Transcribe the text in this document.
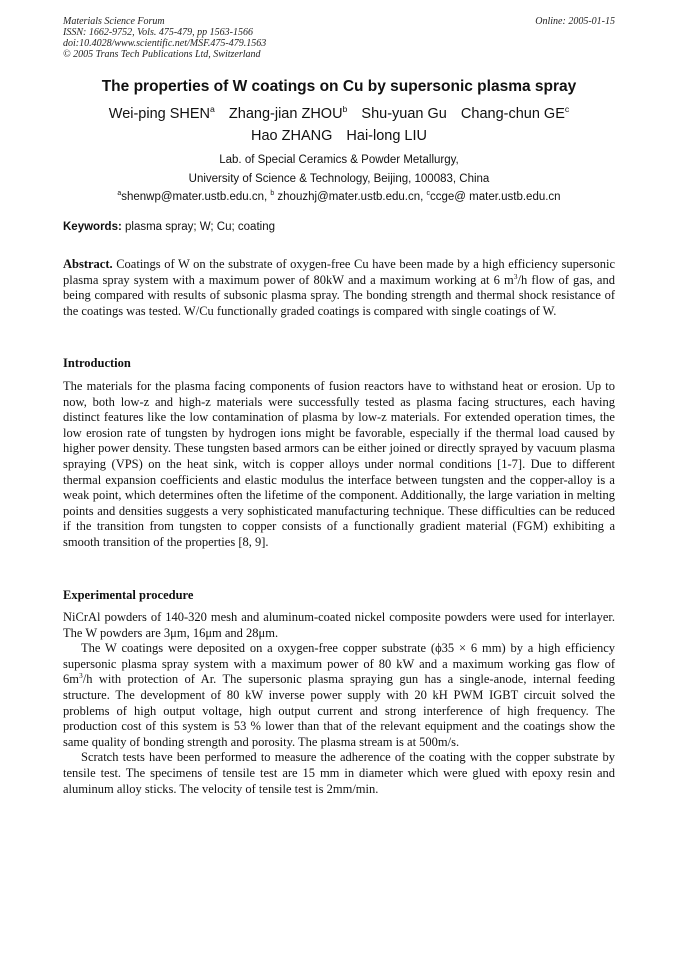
Materials Science Forum
ISSN: 1662-9752, Vols. 475-479, pp 1563-1566
doi:10.4028/www.scientific.net/MSF.475-479.1563
© 2005 Trans Tech Publications Ltd, Switzerland
Online: 2005-01-15
The properties of W coatings on Cu by supersonic plasma spray
Wei-ping SHEN$^a$ Zhang-jian ZHOU$^b$ Shu-yuan Gu Chang-chun $GE^c$
Hao ZHANG Hai-long LIU
Lab. of Special Ceramics & Powder Metallurgy,
University of Science & Technology, Beijing, 100083, China
$^a$shenwp@mater.ustb.edu.cn, $^b$ zhouzhj@mater.ustb.edu.cn, $^c$ccge@ mater.ustb.edu.cn
Keywords: plasma spray; W; Cu; coating
Abstract. Coatings of W on the substrate of oxygen-free Cu have been made by a high efficiency supersonic plasma spray system with a maximum power of 80kW and a maximum working at 6 $m^3/h$ flow of gas, and being compared with results of subsonic plasma spray. The bonding strength and thermal shock resistance of the coatings was tested. W/Cu functionally graded coatings is compared with single coatings of W.
Introduction
The materials for the plasma facing components of fusion reactors have to withstand heat or erosion. Up to now, both low-z and high-z materials were successfully tested as plasma facing structures, each having distinct features like the low contamination of plasma by low-z materials. For extended operation times, the low erosion rate of tungsten by hydrogen ions might be favorable, especially if the thermal load caused by higher power density. These tungsten based armors can be either joined or directly sprayed by vacuum plasma spraying (VPS) on the heat sink, witch is copper alloys under normal conditions [1-7]. Due to different thermal expansion coefficients and elastic modulus the interface between tungsten and the copper-alloy is a weak point, which determines often the lifetime of the component. Additionally, the large variation in melting points and densities suggests a very sophisticated manufacturing technique. These difficulties can be reduced if the transition from tungsten to copper consists of a functionally gradient material (FGM) exhibiting a smooth transition of the properties [8, 9].
Experimental procedure
NiCrAl powders of 140-320 mesh and aluminum-coated nickel composite powders were used for interlayer. The W powders are 3μm, 16μm and 28μm.
The W coatings were deposited on a oxygen-free copper substrate (ϕ35 × 6 mm) by a high efficiency supersonic plasma spray system with a maximum power of 80 kW and a maximum working gas flow of $6m^3/h$ with protection of Ar. The supersonic plasma spraying gun has a single-anode, internal feeding structure. The development of 80 kW inverse power supply with 20 kH PWM IGBT circuit solved the problems of high output voltage, high output current and strong interference of high frequency. The production cost of this system is 53 % lower than that of the relevant equipment and the coatings show the same quality of bonding strength and porosity. The plasma stream is at 500m/s.
Scratch tests have been performed to measure the adherence of the coating with the copper substrate by tensile test. The specimens of tensile test are 15 mm in diameter which were glued with epoxy resin and aluminum alloy sticks. The velocity of tensile test is 2mm/min.
